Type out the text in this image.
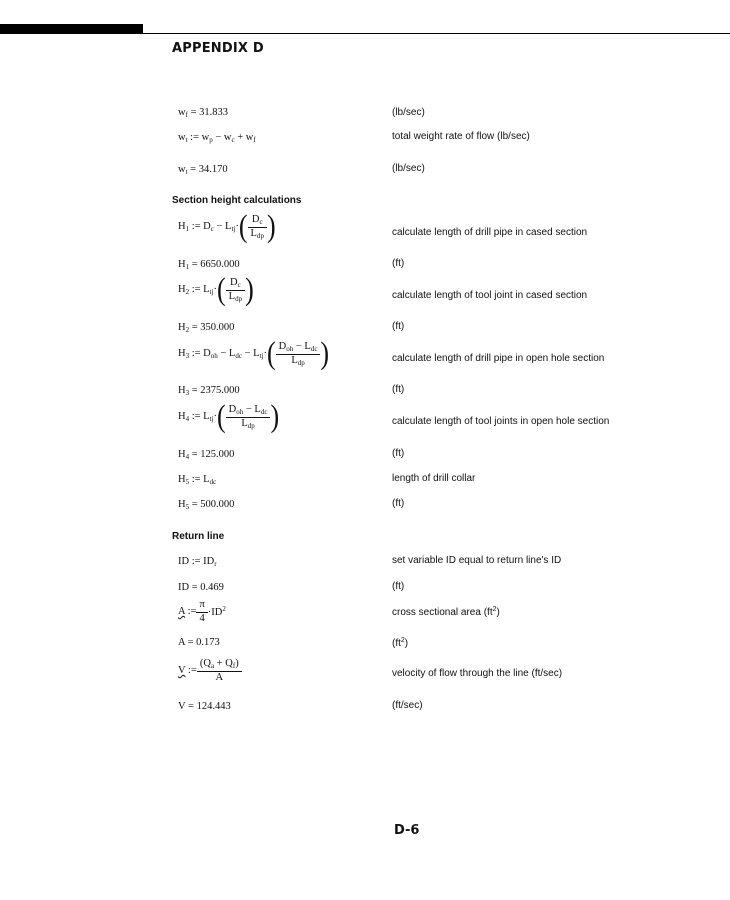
APPENDIX D
$w_f = 31.833$	(lb/sec)
$w_t$ := $w_p - w_c + w_f$	total weight rate of flow (lb/sec)
$w_t = 34.170$	(lb/sec)
Section height calculations
$H_1$ := $D_c - L_{tj}\cdot( \frac{D_c}{L_{dp}}$ )	calculate length of drill pipe in cased section
$H_1 = 6650.000$	(ft)
$H_2$ := $L_{tj}\cdot( \frac{D_c}{L_{dp}}$ )	calculate length of tool joint in cased section
$H_2 = 350.000$	(ft)
$H_3$ := $D_{oh} - L_{dc} - L_{tj}\cdot( \frac{D_{oh} - L_{dc}}{L_{dp}}$ )	calculate length of drill pipe in open hole section
$H_3 = 2375.000$	(ft)
$H_4$ := $L_{tj}\cdot( \frac{D_{oh} - L_{dc}}{L_{dp}}$ )	calculate length of tool joints in open hole section
$H_4 = 125.000$	(ft)
$H_5$ := $L_{dc}$	length of drill collar
$H_5 = 500.000$	(ft)
Return line
ID := $ID_r$	set variable ID equal to return line's ID
ID = 0.469	(ft)
A := $\frac{\pi}{4} \cdot ID^2$	cross sectional area $(ft^2)$
A = 0.173	$(ft^2)$
V := $\frac{(Q_a + Q_f)}{A}$	velocity of flow through the line (ft/sec)
V = 124.443	(ft/sec)
D-6
